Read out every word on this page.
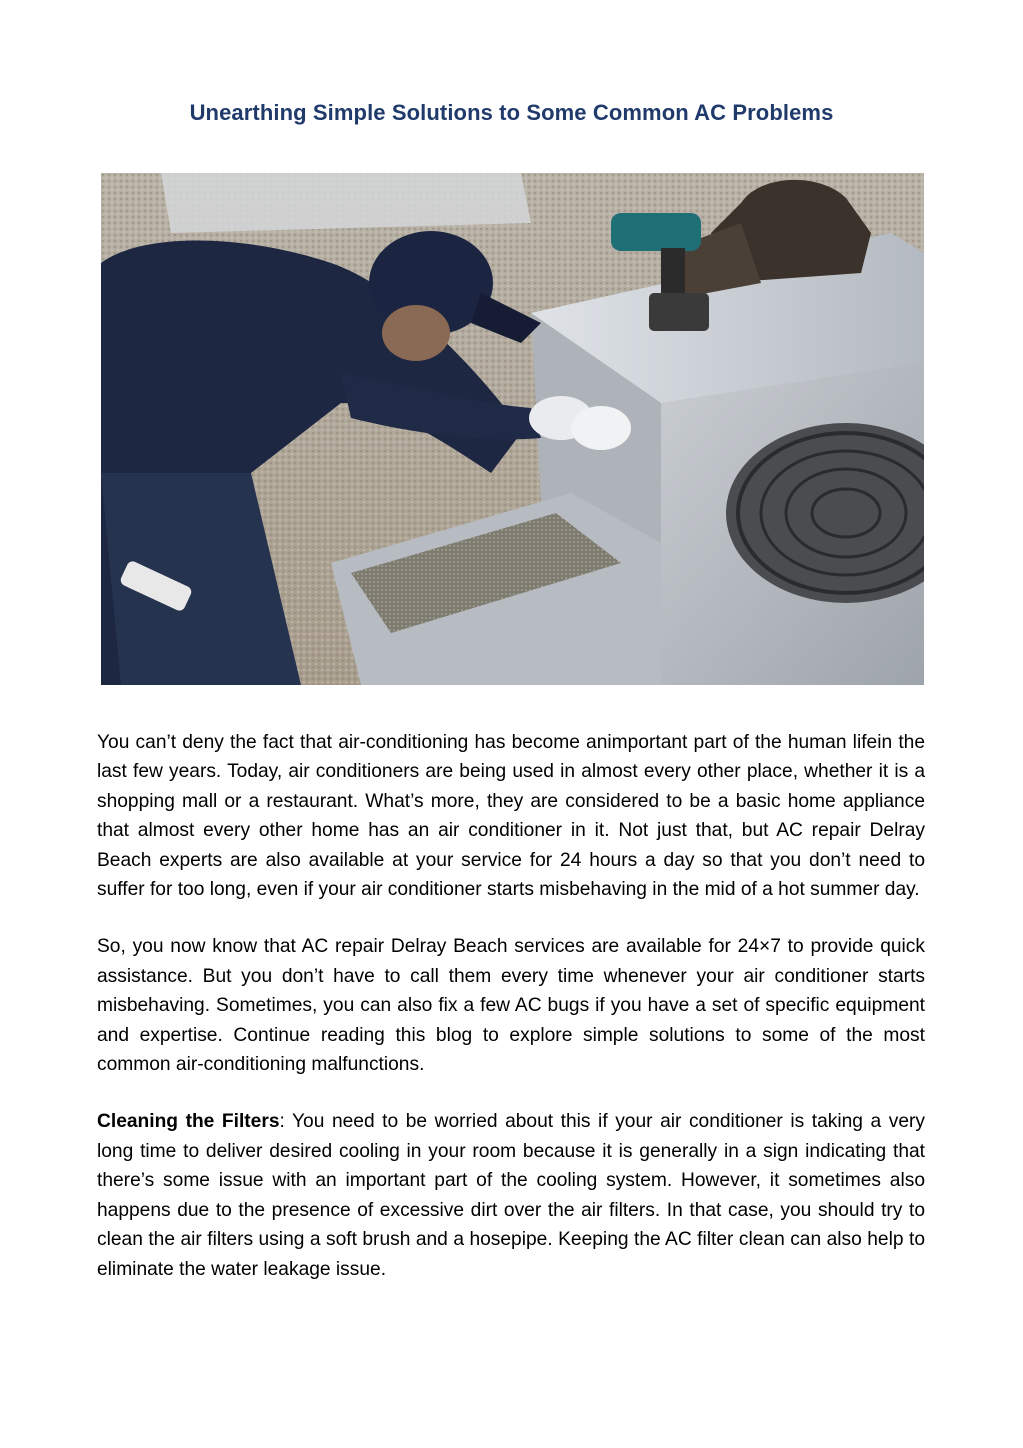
Unearthing Simple Solutions to Some Common AC Problems

You can’t deny the fact that air-conditioning has become animportant part of the human lifein the last few years. Today, air conditioners are being used in almost every other place, whether it is a shopping mall or a restaurant. What’s more, they are considered to be a basic home appliance that almost every other home has an air conditioner in it. Not just that, but AC repair Delray Beach experts are also available at your service for 24 hours a day so that you don’t need to suffer for too long, even if your air conditioner starts misbehaving in the mid of a hot summer day.

So, you now know that AC repair Delray Beach services are available for 24×7 to provide quick assistance. But you don’t have to call them every time whenever your air conditioner starts misbehaving. Sometimes, you can also fix a few AC bugs if you have a set of specific equipment and expertise. Continue reading this blog to explore simple solutions to some of the most common air-conditioning malfunctions.

Cleaning the Filters: You need to be worried about this if your air conditioner is taking a very long time to deliver desired cooling in your room because it is generally in a sign indicating that there’s some issue with an important part of the cooling system. However, it sometimes also happens due to the presence of excessive dirt over the air filters. In that case, you should try to clean the air filters using a soft brush and a hosepipe. Keeping the AC filter clean can also help to eliminate the water leakage issue.
